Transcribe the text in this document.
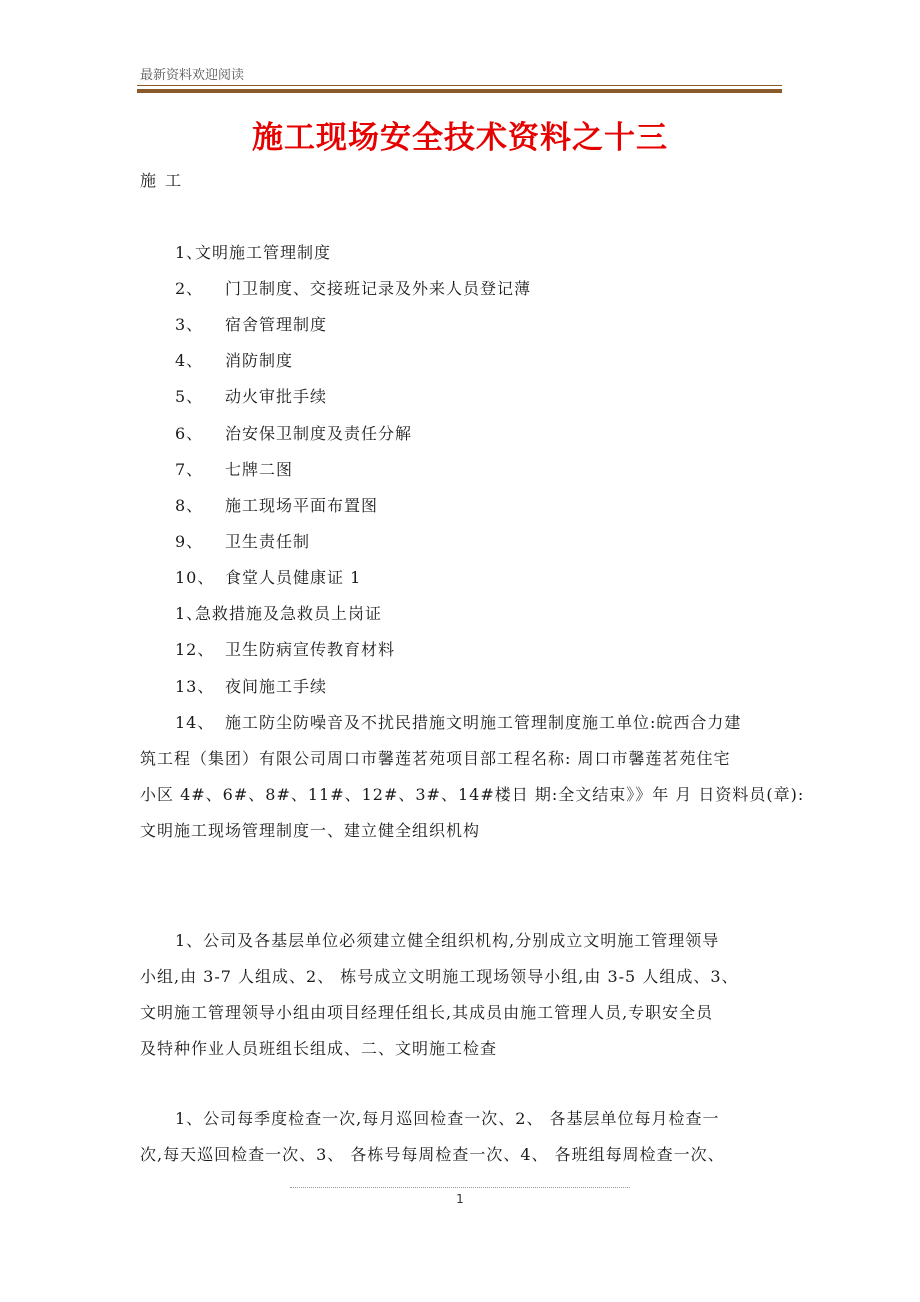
最新资料欢迎阅读
施工现场安全技术资料之十三
施 工
1、文明施工管理制度
2、 门卫制度、交接班记录及外来人员登记薄
3、 宿舍管理制度
4、 消防制度
5、 动火审批手续
6、 治安保卫制度及责任分解
7、 七牌二图
8、 施工现场平面布置图
9、 卫生责任制
10、 食堂人员健康证 1
1、急救措施及急救员上岗证
12、 卫生防病宣传教育材料
13、 夜间施工手续
14、 施工防尘防噪音及不扰民措施文明施工管理制度施工单位:皖西合力建
筑工程（集团）有限公司周口市馨莲茗苑项目部工程名称: 周口市馨莲茗苑住宅
小区 4#、6#、8#、11#、12#、3#、14#楼日 期:全文结束》》年 月 日资料员(章):
文明施工现场管理制度一、建立健全组织机构
1、公司及各基层单位必须建立健全组织机构,分别成立文明施工管理领导
小组,由 3-7 人组成、2、 栋号成立文明施工现场领导小组,由 3-5 人组成、3、
文明施工管理领导小组由项目经理任组长,其成员由施工管理人员,专职安全员
及特种作业人员班组长组成、二、文明施工检查
1、公司每季度检查一次,每月巡回检查一次、2、 各基层单位每月检查一
次,每天巡回检查一次、3、 各栋号每周检查一次、4、 各班组每周检查一次、
1
